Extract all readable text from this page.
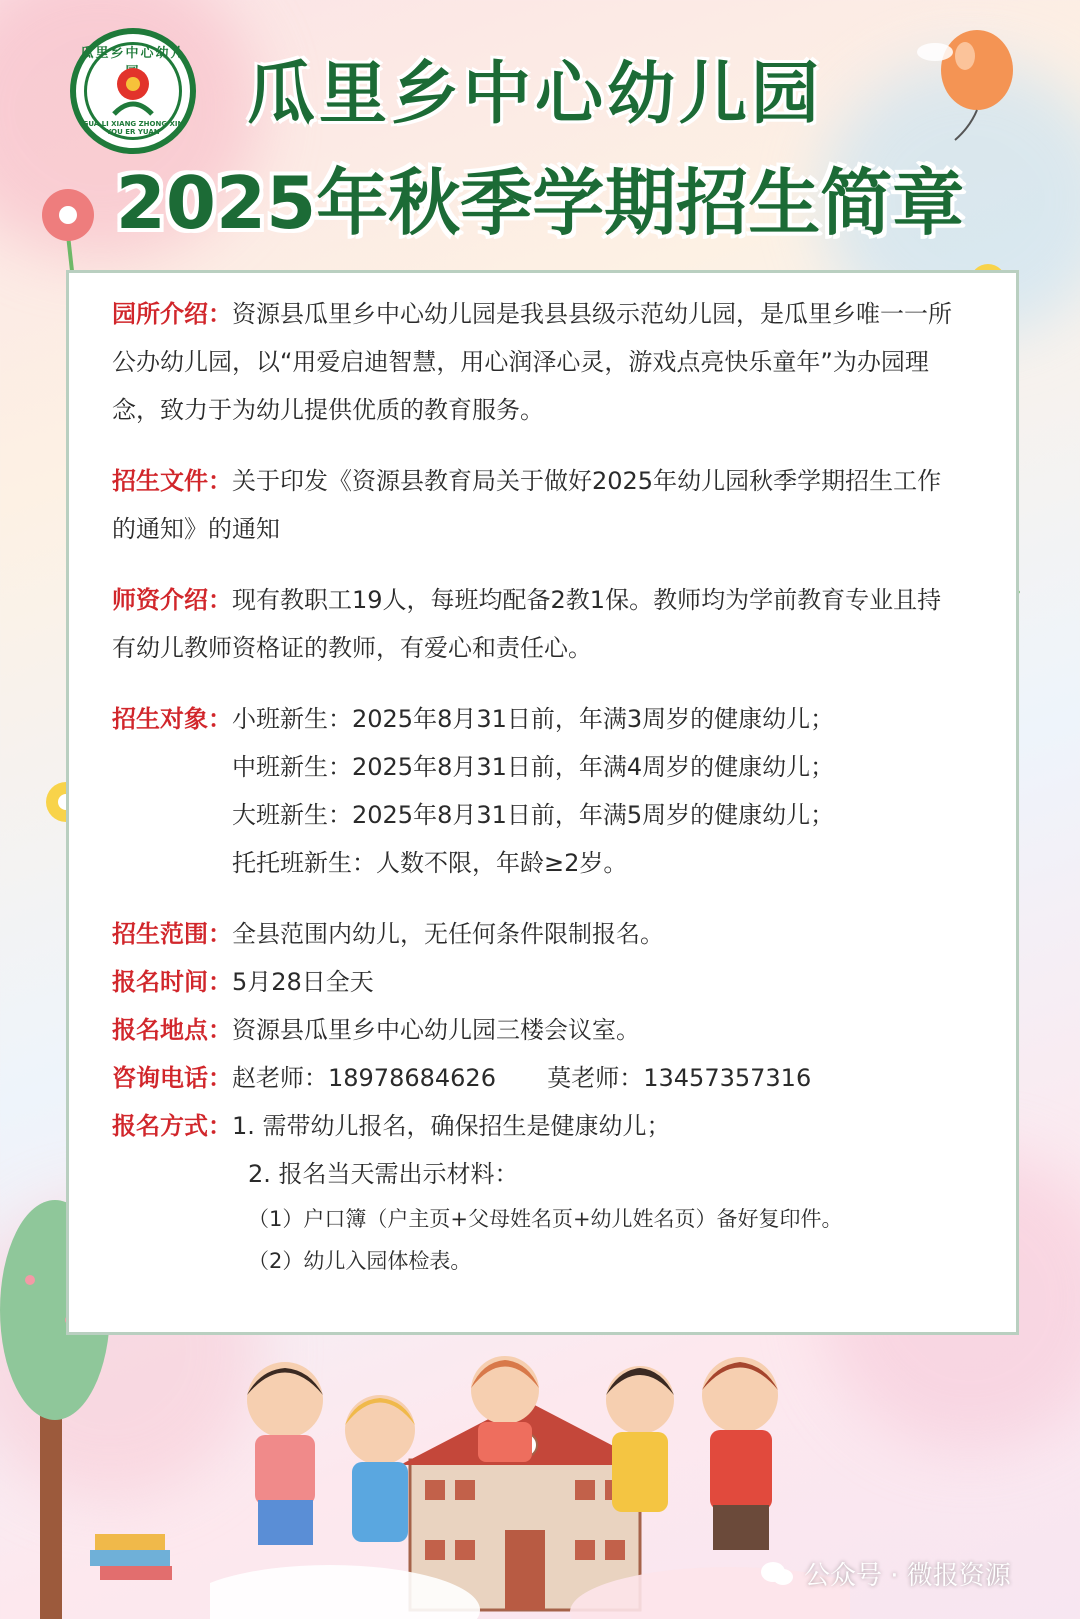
瓜里乡中心幼儿
GUA LI XIANG ZHONG XIN YOU ER YUAN	瓜里乡中心幼儿园
2025年秋季学期招生简章
园所介绍：资源县瓜里乡中心幼儿园是我县县级示范幼儿园，是瓜里乡唯一一所公办幼儿园，以“用爱启迪智慧，用心润泽心灵，游戏点亮快乐童年”为办园理念，致力于为幼儿提供优质的教育服务。
招生文件：关于印发《资源县教育局关于做好2025年幼儿园秋季学期招生工作的通知》的通知
师资介绍：现有教职工19人，每班均配备2教1保。教师均为学前教育专业且持有幼儿教师资格证的教师，有爱心和责任心。
招生对象： 小班新生：2025年8月31日前，年满3周岁的健康幼儿；
中班新生：2025年8月31日前，年满4周岁的健康幼儿；
大班新生：2025年8月31日前，年满5周岁的健康幼儿；
托托班新生：人数不限，年龄≥2岁。
招生范围： 全县范围内幼儿，无任何条件限制报名。
报名时间： 5月28日全天
报名地点： 资源县瓜里乡中心幼儿园三楼会议室。
咨询电话： 赵老师：18978684626 莫老师：13457357316
报名方式： 1. 需带幼儿报名，确保招生是健康幼儿；
2. 报名当天需出示材料：
（1）户口簿（户主页+父母姓名页+幼儿姓名页）备好复印件。
（2）幼儿入园体检表。
公众号 · 微报资源
